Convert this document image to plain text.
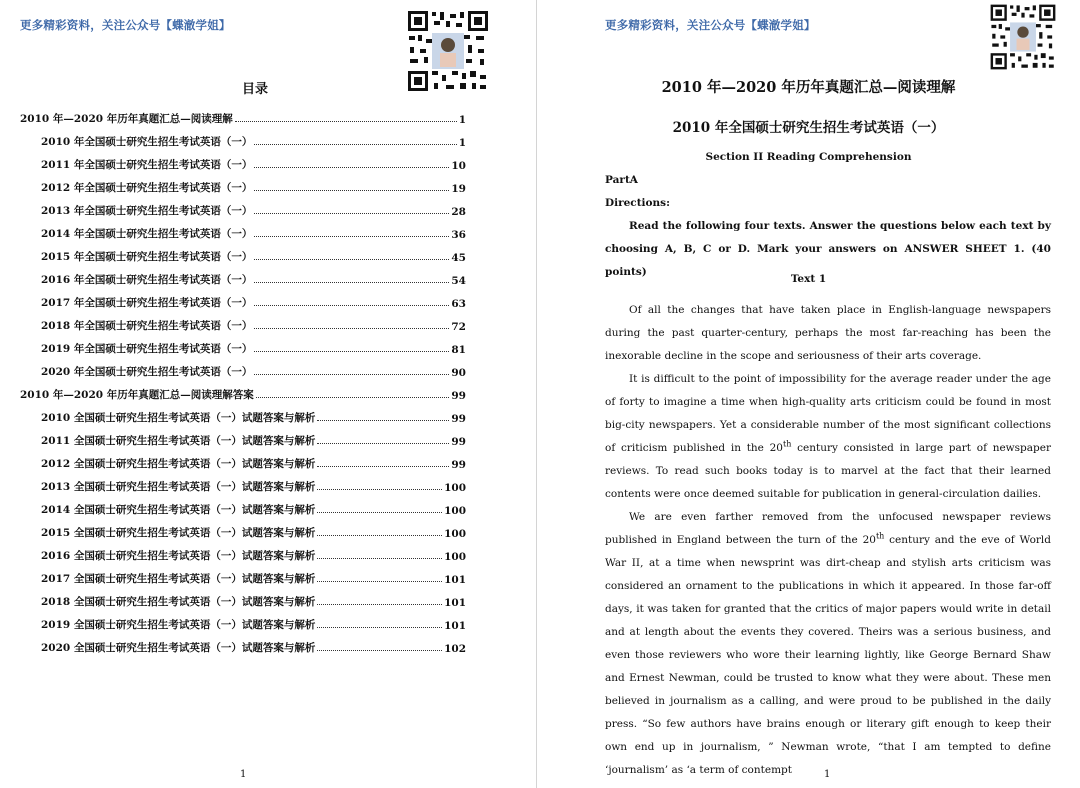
更多精彩资料，关注公众号【蝶澈学姐】
目录
2010 年—2020 年历年真题汇总—阅读理解	1
2010 年全国硕士研究生招生考试英语（一）	1
2011 年全国硕士研究生招生考试英语（一）	10
2012 年全国硕士研究生招生考试英语（一）	19
2013 年全国硕士研究生招生考试英语（一）	28
2014 年全国硕士研究生招生考试英语（一）	36
2015 年全国硕士研究生招生考试英语（一）	45
2016 年全国硕士研究生招生考试英语（一）	54
2017 年全国硕士研究生招生考试英语（一）	63
2018 年全国硕士研究生招生考试英语（一）	72
2019 年全国硕士研究生招生考试英语（一）	81
2020 年全国硕士研究生招生考试英语（一）	90
2010 年—2020 年历年真题汇总—阅读理解答案	99
2010 全国硕士研究生招生考试英语（一）试题答案与解析	99
2011 全国硕士研究生招生考试英语（一）试题答案与解析	99
2012 全国硕士研究生招生考试英语（一）试题答案与解析	99
2013 全国硕士研究生招生考试英语（一）试题答案与解析	100
2014 全国硕士研究生招生考试英语（一）试题答案与解析	100
2015 全国硕士研究生招生考试英语（一）试题答案与解析	100
2016 全国硕士研究生招生考试英语（一）试题答案与解析	100
2017 全国硕士研究生招生考试英语（一）试题答案与解析	101
2018 全国硕士研究生招生考试英语（一）试题答案与解析	101
2019 全国硕士研究生招生考试英语（一）试题答案与解析	101
2020 全国硕士研究生招生考试英语（一）试题答案与解析	102
1
更多精彩资料，关注公众号【蝶澈学姐】
2010 年—2020 年历年真题汇总—阅读理解
2010 年全国硕士研究生招生考试英语（一）
Section II Reading Comprehension
PartA
Directions:
Read the following four texts. Answer the questions below each text by choosing A, B, C or D. Mark your answers on ANSWER SHEET 1. (40 points)
Text 1

Of all the changes that have taken place in English-language newspapers during the past quarter-century, perhaps the most far-reaching has been the inexorable decline in the scope and seriousness of their arts coverage.

It is difficult to the point of impossibility for the average reader under the age of forty to imagine a time when high-quality arts criticism could be found in most big-city newspapers. Yet a considerable number of the most significant collections of criticism published in the 20th century consisted in large part of newspaper reviews. To read such books today is to marvel at the fact that their learned contents were once deemed suitable for publication in general-circulation dailies.

We are even farther removed from the unfocused newspaper reviews published in England between the turn of the 20th century and the eve of World War II, at a time when newsprint was dirt-cheap and stylish arts criticism was considered an ornament to the publications in which it appeared. In those far-off days, it was taken for granted that the critics of major papers would write in detail and at length about the events they covered. Theirs was a serious business, and even those reviewers who wore their learning lightly, like George Bernard Shaw and Ernest Newman, could be trusted to know what they were about. These men believed in journalism as a calling, and were proud to be published in the daily press. “So few authors have brains enough or literary gift enough to keep their own end up in journalism, ” Newman wrote, “that I am tempted to define ‘journalism’ as ‘a term of contempt	1
